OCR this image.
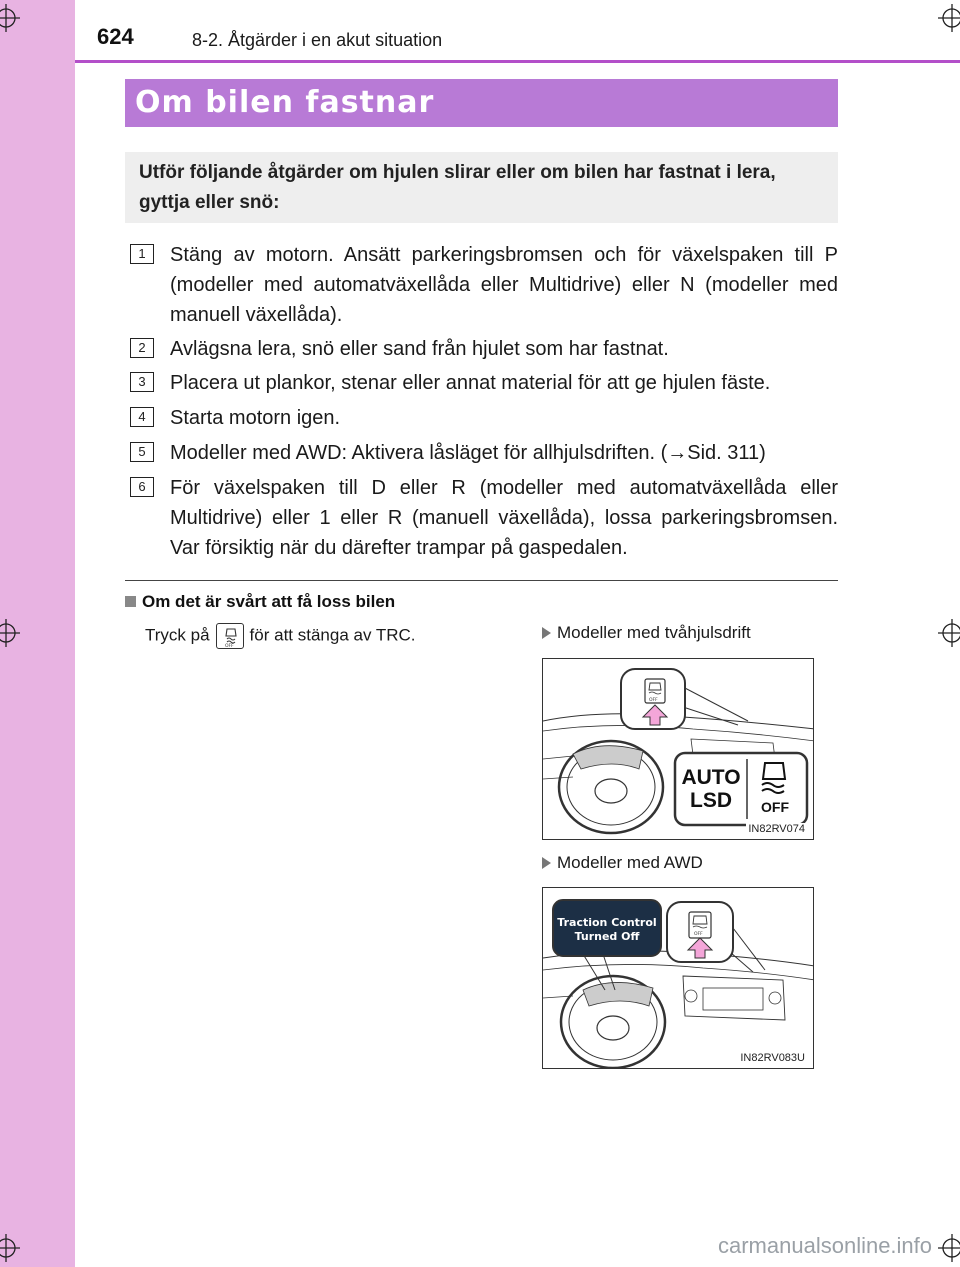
624	8-2. Åtgärder i en akut situation
Om bilen fastnar

Utför följande åtgärder om hjulen slirar eller om bilen har fastnat i lera, gyttja eller snö:

1	Stäng av motorn. Ansätt parkeringsbromsen och för växelspaken till P (modeller med automatväxellåda eller Multidrive) eller N (modeller med manuell växellåda).
2	Avlägsna lera, snö eller sand från hjulet som har fastnat.
3	Placera ut plankor, stenar eller annat material för att ge hjulen fäste.
4	Starta motorn igen.
5	Modeller med AWD: Aktivera låsläget för allhjulsdriften. (→Sid. 311)
6	För växelspaken till D eller R (modeller med automatväxellåda eller Multidrive) eller 1 eller R (manuell växellåda), lossa parkeringsbromsen. Var försiktig när du därefter trampar på gaspedalen.
Om det är svårt att få loss bilen
Tryck på
OFF
för att stänga av TRC.	Modeller med tvåhjulsdrift
OFF
AUTO
LSD OFF
IN82RV074
Modeller med AWD
Traction Control
Turned Off	OFF
IN82RV083U
carmanualsonline.info
